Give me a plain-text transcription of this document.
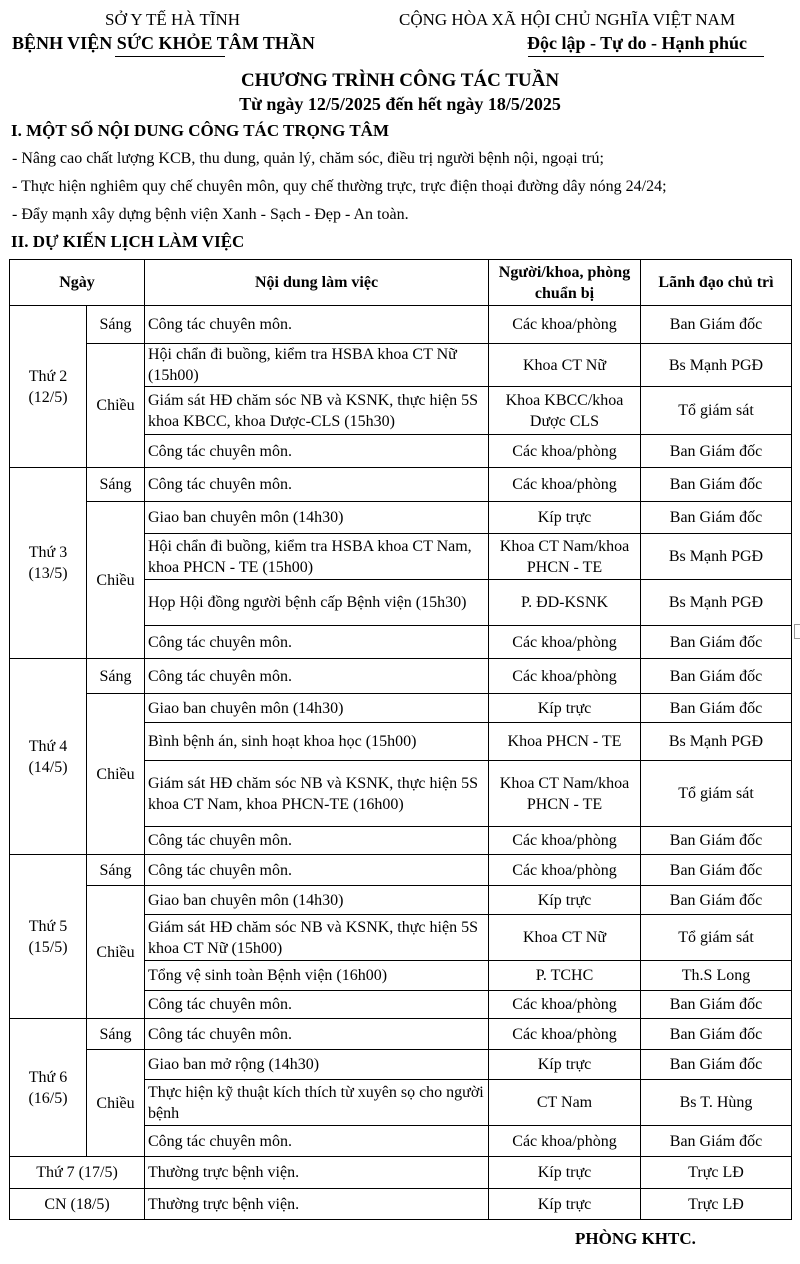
SỞ Y TẾ HÀ TĨNH
BỆNH VIỆN SỨC KHỎE TÂM THẦN
CỘNG HÒA XÃ HỘI CHỦ NGHĨA VIỆT NAM
Độc lập - Tự do - Hạnh phúc
CHƯƠNG TRÌNH CÔNG TÁC TUẦN
Từ ngày 12/5/2025 đến hết ngày 18/5/2025
I. MỘT SỐ NỘI DUNG CÔNG TÁC TRỌNG TÂM
- Nâng cao chất lượng KCB, thu dung, quản lý, chăm sóc, điều trị người bệnh nội, ngoại trú;
- Thực hiện nghiêm quy chế chuyên môn, quy chế thường trực, trực điện thoại đường dây nóng 24/24;
- Đẩy mạnh xây dựng bệnh viện Xanh - Sạch - Đẹp - An toàn.
II. DỰ KIẾN LỊCH LÀM VIỆC
Ngày		Nội dung làm việc	Người/khoa, phòng chuẩn bị	Lãnh đạo chủ trì
Thứ 2 (12/5)	Sáng	Công tác chuyên môn.	Các khoa/phòng	Ban Giám đốc
	Chiều	Hội chẩn đi buồng, kiểm tra HSBA khoa CT Nữ (15h00)	Khoa CT Nữ	Bs Mạnh PGĐ
		Giám sát HĐ chăm sóc NB và KSNK, thực hiện 5S khoa KBCC, khoa Dược-CLS (15h30)	Khoa KBCC/khoa Dược CLS	Tổ giám sát
		Công tác chuyên môn.	Các khoa/phòng	Ban Giám đốc
Thứ 3 (13/5)	Sáng	Công tác chuyên môn.	Các khoa/phòng	Ban Giám đốc
	Chiều	Giao ban chuyên môn (14h30)	Kíp trực	Ban Giám đốc
		Hội chẩn đi buồng, kiểm tra HSBA khoa CT Nam, khoa PHCN - TE (15h00)	Khoa CT Nam/khoa PHCN - TE	Bs Mạnh PGĐ
		Họp Hội đồng người bệnh cấp Bệnh viện (15h30)	P. ĐD-KSNK	Bs Mạnh PGĐ
		Công tác chuyên môn.	Các khoa/phòng	Ban Giám đốc
Thứ 4 (14/5)	Sáng	Công tác chuyên môn.	Các khoa/phòng	Ban Giám đốc
	Chiều	Giao ban chuyên môn (14h30)	Kíp trực	Ban Giám đốc
		Bình bệnh án, sinh hoạt khoa học (15h00)	Khoa PHCN - TE	Bs Mạnh PGĐ
		Giám sát HĐ chăm sóc NB và KSNK, thực hiện 5S khoa CT Nam, khoa PHCN-TE (16h00)	Khoa CT Nam/khoa PHCN - TE	Tổ giám sát
		Công tác chuyên môn.	Các khoa/phòng	Ban Giám đốc
Thứ 5 (15/5)	Sáng	Công tác chuyên môn.	Các khoa/phòng	Ban Giám đốc
	Chiều	Giao ban chuyên môn (14h30)	Kíp trực	Ban Giám đốc
		Giám sát HĐ chăm sóc NB và KSNK, thực hiện 5S khoa CT Nữ (15h00)	Khoa CT Nữ	Tổ giám sát
		Tổng vệ sinh toàn Bệnh viện (16h00)	P. TCHC	Th.S Long
		Công tác chuyên môn.	Các khoa/phòng	Ban Giám đốc
Thứ 6 (16/5)	Sáng	Công tác chuyên môn.	Các khoa/phòng	Ban Giám đốc
	Chiều	Giao ban mở rộng (14h30)	Kíp trực	Ban Giám đốc
		Thực hiện kỹ thuật kích thích từ xuyên sọ cho người bệnh	CT Nam	Bs T. Hùng
		Công tác chuyên môn.	Các khoa/phòng	Ban Giám đốc
Thứ 7 (17/5)		Thường trực bệnh viện.	Kíp trực	Trực LĐ
CN (18/5)		Thường trực bệnh viện.	Kíp trực	Trực LĐ
PHÒNG KHTC.
